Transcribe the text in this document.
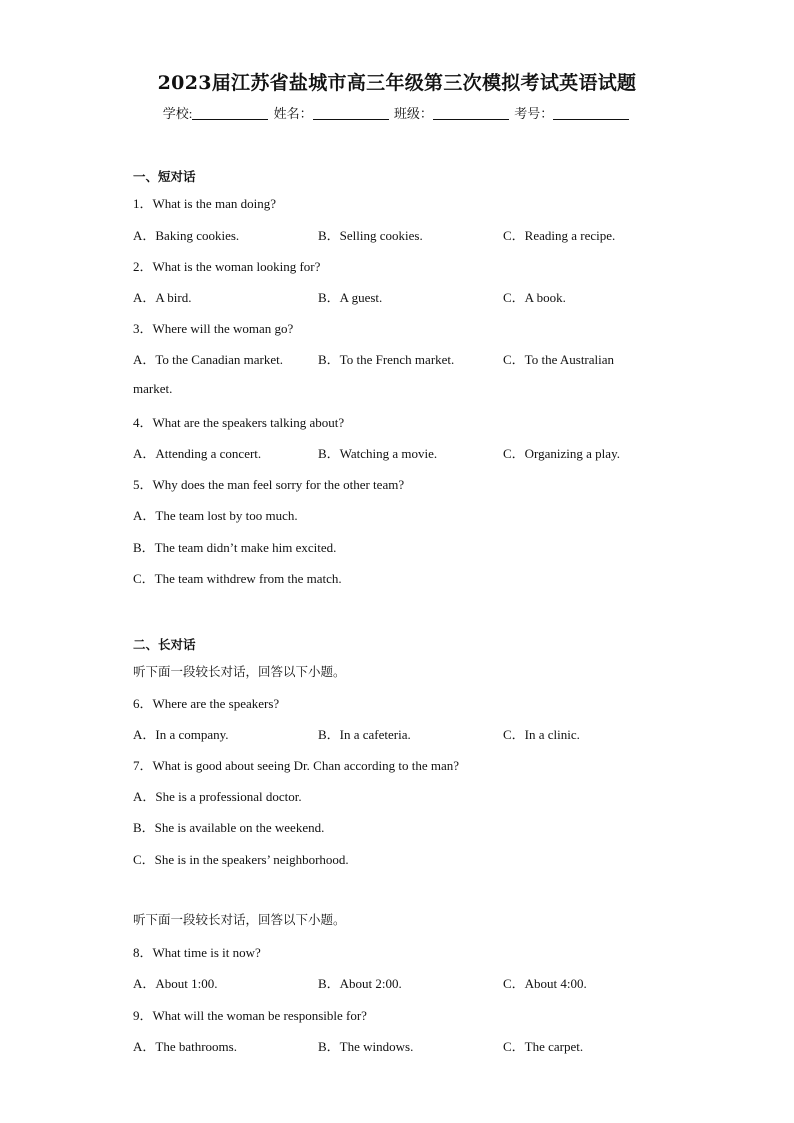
2023届江苏省盐城市高三年级第三次模拟考试英语试题
学校:	姓名：	班级：	考号：
一、短对话
1．What is the man doing?
A．Baking cookies.	B．Selling cookies.	C．Reading a recipe.
2．What is the woman looking for?
A．A bird.	B．A guest.	C．A book.
3．Where will the woman go?
A．To the Canadian market.	B．To the French market.	C．To the Australian
market.
4．What are the speakers talking about?
A．Attending a concert.	B．Watching a movie.	C．Organizing a play.
5．Why does the man feel sorry for the other team?
A．The team lost by too much.
B．The team didn’t make him excited.
C．The team withdrew from the match.
二、长对话
听下面一段较长对话，回答以下小题。
6．Where are the speakers?
A．In a company.	B．In a cafeteria.	C．In a clinic.
7．What is good about seeing Dr. Chan according to the man?
A．She is a professional doctor.
B．She is available on the weekend.
C．She is in the speakers’ neighborhood.
听下面一段较长对话，回答以下小题。
8．What time is it now?
A．About 1:00.	B．About 2:00.	C．About 4:00.
9．What will the woman be responsible for?
A．The bathrooms.	B．The windows.	C．The carpet.
